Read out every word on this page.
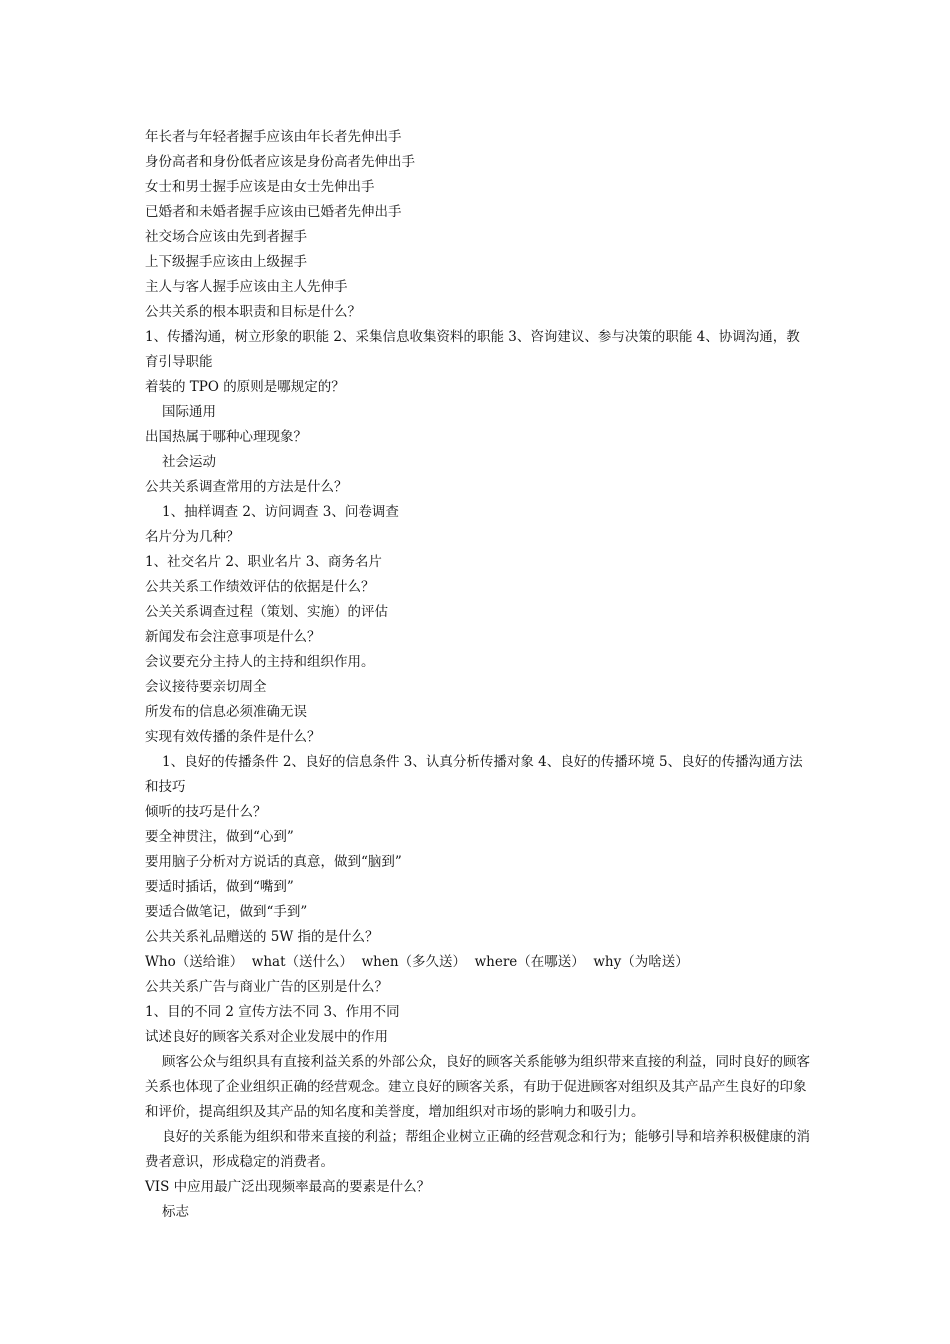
年长者与年轻者握手应该由年长者先伸出手

身份高者和身份低者应该是身份高者先伸出手

女士和男士握手应该是由女士先伸出手

已婚者和未婚者握手应该由已婚者先伸出手

社交场合应该由先到者握手

上下级握手应该由上级握手

主人与客人握手应该由主人先伸手

公共关系的根本职责和目标是什么？

1、传播沟通，树立形象的职能 2、采集信息收集资料的职能 3、咨询建议、参与决策的职能 4、协调沟通，教育引导职能

着装的 TPO 的原则是哪规定的？

国际通用

出国热属于哪种心理现象？

社会运动

公共关系调查常用的方法是什么？

1、抽样调查 2、访问调查 3、问卷调查

名片分为几种？

1、社交名片 2、职业名片 3、商务名片

公共关系工作绩效评估的依据是什么？

公关关系调查过程（策划、实施）的评估

新闻发布会注意事项是什么？

会议要充分主持人的主持和组织作用。

会议接待要亲切周全

所发布的信息必须准确无误

实现有效传播的条件是什么？

1、良好的传播条件 2、良好的信息条件 3、认真分析传播对象 4、良好的传播环境 5、良好的传播沟通方法和技巧

倾听的技巧是什么？

要全神贯注，做到“心到”

要用脑子分析对方说话的真意，做到“脑到”

要适时插话，做到“嘴到”

要适合做笔记，做到“手到”

公共关系礼品赠送的 5W 指的是什么？

Who（送给谁）  what（送什么）  when（多久送）  where（在哪送）  why（为啥送）

公共关系广告与商业广告的区别是什么？

1、目的不同 2 宣传方法不同 3、作用不同

试述良好的顾客关系对企业发展中的作用

顾客公众与组织具有直接利益关系的外部公众，良好的顾客关系能够为组织带来直接的利益，同时良好的顾客关系也体现了企业组织正确的经营观念。建立良好的顾客关系，有助于促进顾客对组织及其产品产生良好的印象和评价，提高组织及其产品的知名度和美誉度，增加组织对市场的影响力和吸引力。

良好的关系能为组织和带来直接的利益；帮组企业树立正确的经营观念和行为；能够引导和培养积极健康的消费者意识，形成稳定的消费者。

VIS 中应用最广泛出现频率最高的要素是什么？

标志
